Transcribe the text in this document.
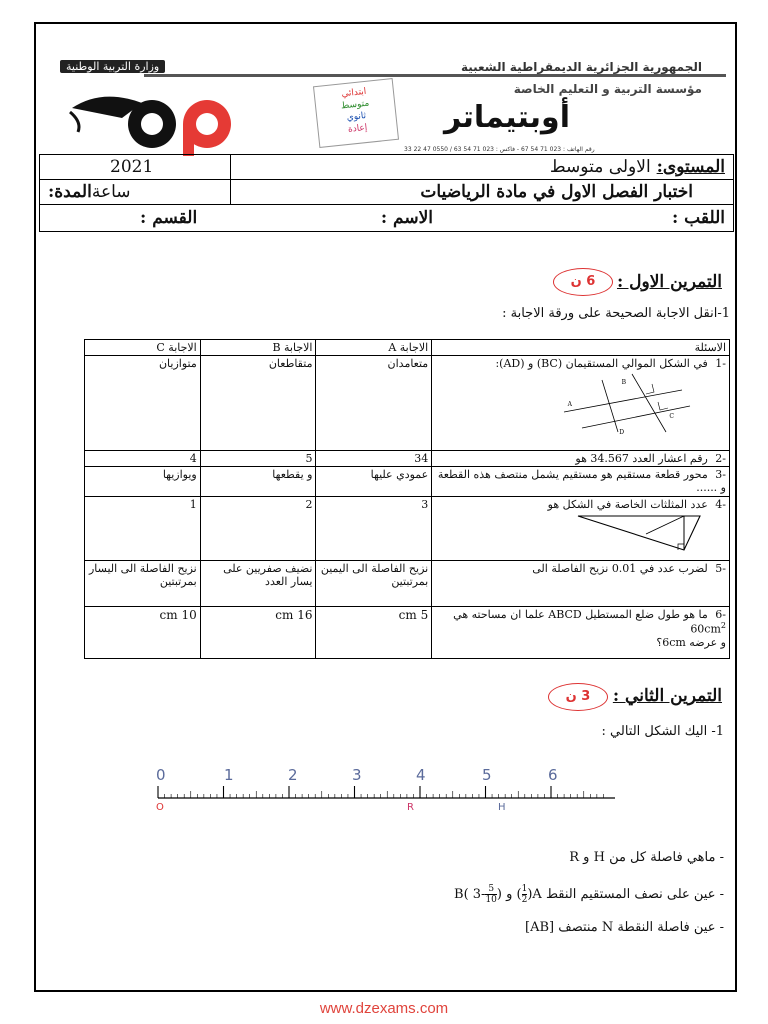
الجمهورية الجزائرية الديمقراطية الشعبية
وزارة التربية الوطنية
مؤسسة التربية و التعليم الخاصة
أوبتيماتر
ابتدائي
متوسط
ثانوي
إعادة
رقم الهاتف : 023 71 54 67 - فاكس : 023 71 54 63 / 0550 47 22 33
2021	المستوى: الاولى متوسط
ساعةالمدة:	اختبار الفصل الاول في مادة الرياضيات

اللقب :
الاسم :
القسم :	
التمرين الاول :
6 ن
1-انقل الاجابة الصحيحة على ورقة الاجابة :
الاجابة C	الاجابة B	الاجابة A	الاسئلة
متوازيان	متقاطعان	متعامدان	-1 في الشكل الموالي المستقيمان (BC) و (AD):
A
B
C
D

4	5	34	-2 رقم اعشار العدد 34.567 هو
ويوازيها	و يقطعها	عمودي عليها	-3 محور قطعة مستقيم هو مستقيم يشمل منتصف هذه القطعة و ......
1	2	3	-4 عدد المثلثات الخاصة في الشكل هو

نزيح الفاصلة الى اليسار بمرتبتين	نضيف صفريين على يسار العدد	نزيح الفاصلة الى اليمين بمرتبتين	-5 لضرب عدد في 0.01 نزيح الفاصلة الى
10 cm	16 cm	5 cm	-6 ما هو طول ضلع المستطيل ABCD علما ان مساحته هي $60cm^2$
و عرضه 6cm؟
التمرين الثاني :
3 ن
1- اليك الشكل التالي :
0	1	2	3	4	5	6
O	R	H
- ماهي فاصلة كل من H و R
- عين على نصف المستقيم النقط A(
$\frac{1}{2}$
) و B( $3- \frac{5}{10}$ )
- عين فاصلة النقطة N منتصف [AB]
www.dzexams.com
